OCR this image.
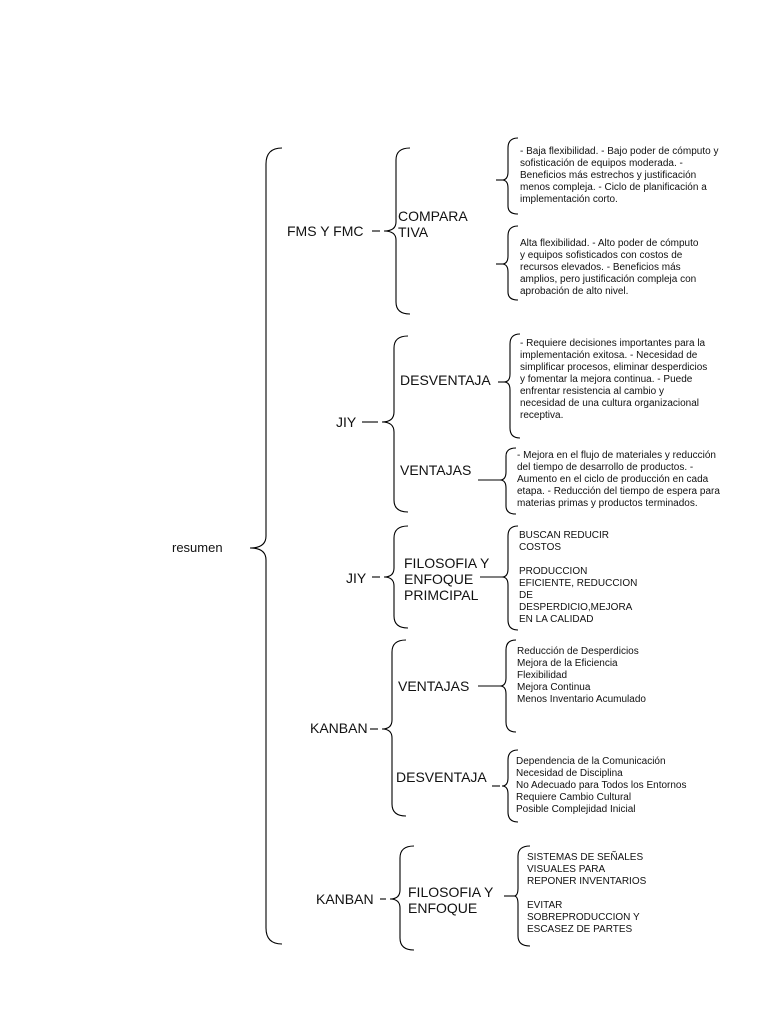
resumen
FMS Y FMC
COMPARA
TIVA
- Baja flexibilidad. - Bajo poder de cómputo y
sofisticación de equipos moderada. -
Beneficios más estrechos y justificación
menos compleja. - Ciclo de planificación a
implementación corto.
Alta flexibilidad. - Alto poder de cómputo
y equipos sofisticados con costos de
recursos elevados. - Beneficios más
amplios, pero justificación compleja con
aprobación de alto nivel.
JIY
DESVENTAJA
- Requiere decisiones importantes para la
implementación exitosa. - Necesidad de
simplificar procesos, eliminar desperdicios
y fomentar la mejora continua. - Puede
enfrentar resistencia al cambio y
necesidad de una cultura organizacional
receptiva.
VENTAJAS
- Mejora en el flujo de materiales y reducción
del tiempo de desarrollo de productos. -
Aumento en el ciclo de producción en cada
etapa. - Reducción del tiempo de espera para
materias primas y productos terminados.
JIY
FILOSOFIA Y
ENFOQUE
PRIMCIPAL
BUSCAN REDUCIR
COSTOS

PRODUCCION
EFICIENTE, REDUCCION
DE
DESPERDICIO,MEJORA
EN LA CALIDAD
KANBAN
VENTAJAS
Reducción de Desperdicios
Mejora de la Eficiencia
Flexibilidad
Mejora Continua
Menos Inventario Acumulado
DESVENTAJA
Dependencia de la Comunicación
Necesidad de Disciplina
No Adecuado para Todos los Entornos
Requiere Cambio Cultural
Posible Complejidad Inicial
KANBAN FILOSOFIA Y
ENFOQUE
SISTEMAS DE SEÑALES
VISUALES PARA
REPONER INVENTARIOS

EVITAR
SOBREPRODUCCION Y
ESCASEZ DE PARTES
